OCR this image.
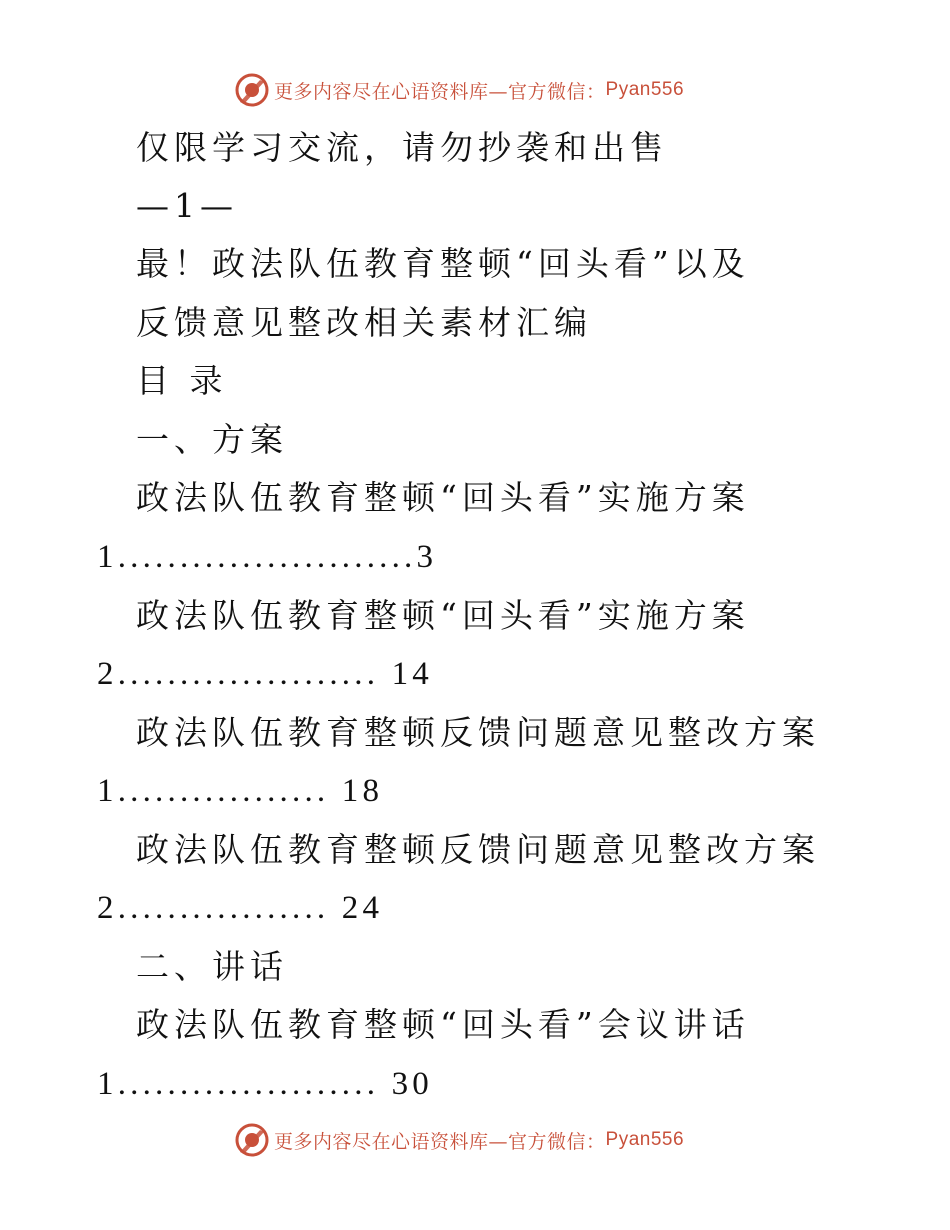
更多内容尽在心语资料库—官方微信： Pyan556
仅限学习交流，请勿抄袭和出售
—1—
最！政法队伍教育整顿“回头看”以及
反馈意见整改相关素材汇编
目 录
一、方案
政法队伍教育整顿“回头看”实施方案
1........................3
政法队伍教育整顿“回头看”实施方案
2..................... 14
政法队伍教育整顿反馈问题意见整改方案
1................. 18
政法队伍教育整顿反馈问题意见整改方案
2................. 24
二、讲话
政法队伍教育整顿“回头看”会议讲话
1..................... 30
更多内容尽在心语资料库—官方微信： Pyan556
